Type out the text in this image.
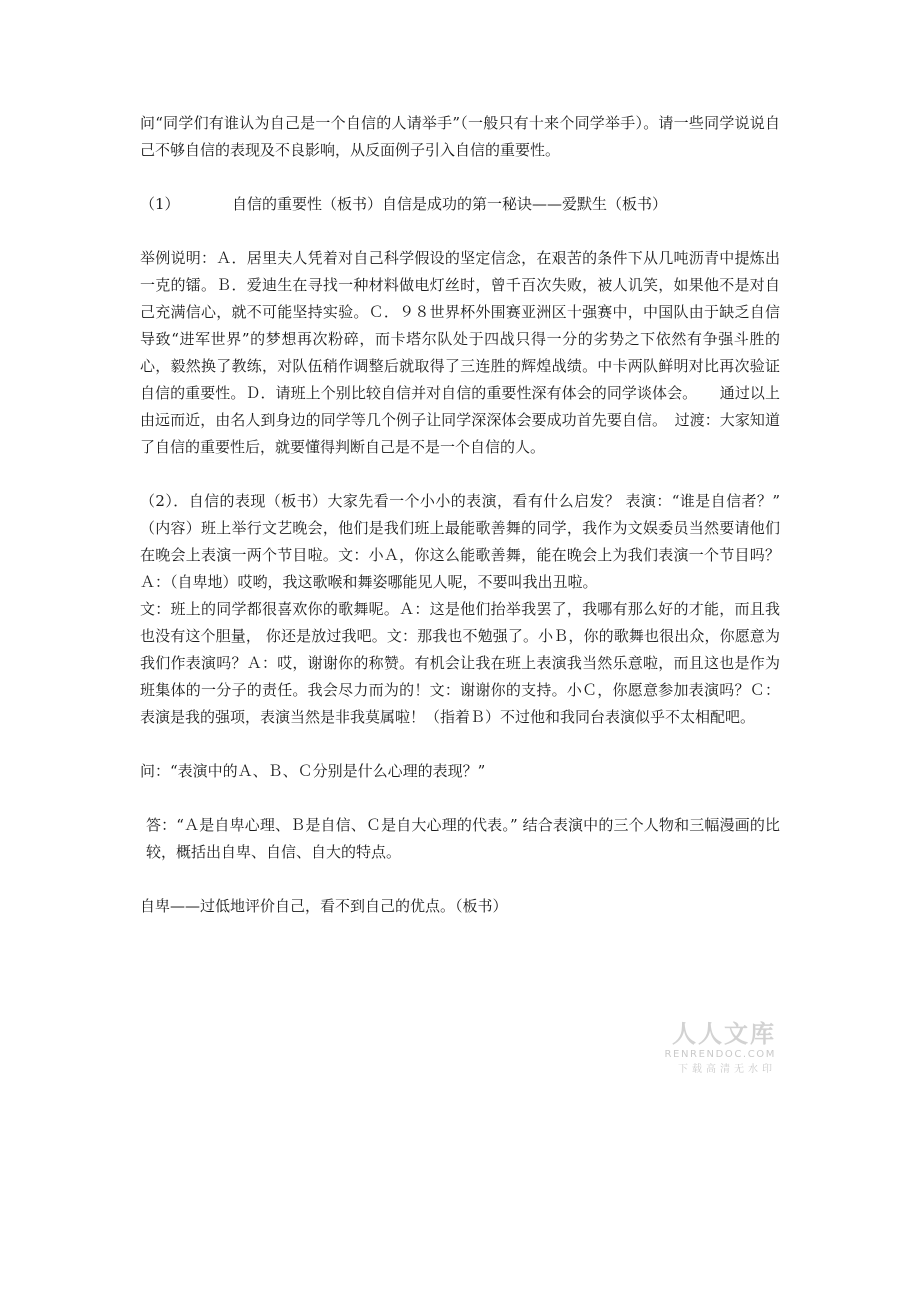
问“同学们有谁认为自己是一个自信的人请举手”（一般只有十来个同学举手）。请一些同学说说自己不够自信的表现及不良影响，从反面例子引入自信的重要性。

（1）	自信的重要性（板书）自信是成功的第一秘诀——爱默生（板书）

举例说明：Ａ．居里夫人凭着对自己科学假设的坚定信念，在艰苦的条件下从几吨沥青中提炼出一克的镭。Ｂ．爱迪生在寻找一种材料做电灯丝时，曾千百次失败，被人讥笑，如果他不是对自己充满信心，就不可能坚持实验。Ｃ．９８世界杯外围赛亚洲区十强赛中，中国队由于缺乏自信导致“进军世界”的梦想再次粉碎，而卡塔尔队处于四战只得一分的劣势之下依然有争强斗胜的心，毅然换了教练，对队伍稍作调整后就取得了三连胜的辉煌战绩。中卡两队鲜明对比再次验证自信的重要性。Ｄ．请班上个别比较自信并对自信的重要性深有体会的同学谈体会。　　通过以上由远而近，由名人到身边的同学等几个例子让同学深深体会要成功首先要自信。　过渡：大家知道了自信的重要性后，就要懂得判断自己是不是一个自信的人。

（2）．自信的表现（板书）大家先看一个小小的表演，看有什么启发？ 表演：“谁是自信者？” （内容）班上举行文艺晚会，他们是我们班上最能歌善舞的同学，我作为文娱委员当然要请他们在晚会上表演一两个节目啦。文：小Ａ，你这么能歌善舞，能在晚会上为我们表演一个节目吗？Ａ：（自卑地）哎哟，我这歌喉和舞姿哪能见人呢，不要叫我出丑啦。

文：班上的同学都很喜欢你的歌舞呢。Ａ：这是他们抬举我罢了，我哪有那么好的才能，而且我也没有这个胆量， 你还是放过我吧。文：那我也不勉强了。小Ｂ，你的歌舞也很出众，你愿意为我们作表演吗？Ａ：哎，谢谢你的称赞。有机会让我在班上表演我当然乐意啦，而且这也是作为班集体的一分子的责任。我会尽力而为的！文：谢谢你的支持。小Ｃ，你愿意参加表演吗？Ｃ：表演是我的强项，表演当然是非我莫属啦！（指着Ｂ）不过他和我同台表演似乎不太相配吧。

问：“表演中的Ａ、Ｂ、Ｃ分别是什么心理的表现？”

答：“Ａ是自卑心理、Ｂ是自信、Ｃ是自大心理的代表。” 结合表演中的三个人物和三幅漫画的比较，概括出自卑、自信、自大的特点。

自卑——过低地评价自己，看不到自己的优点。（板书）

人人文库
RENRENDOC.COM
下载高清无水印
